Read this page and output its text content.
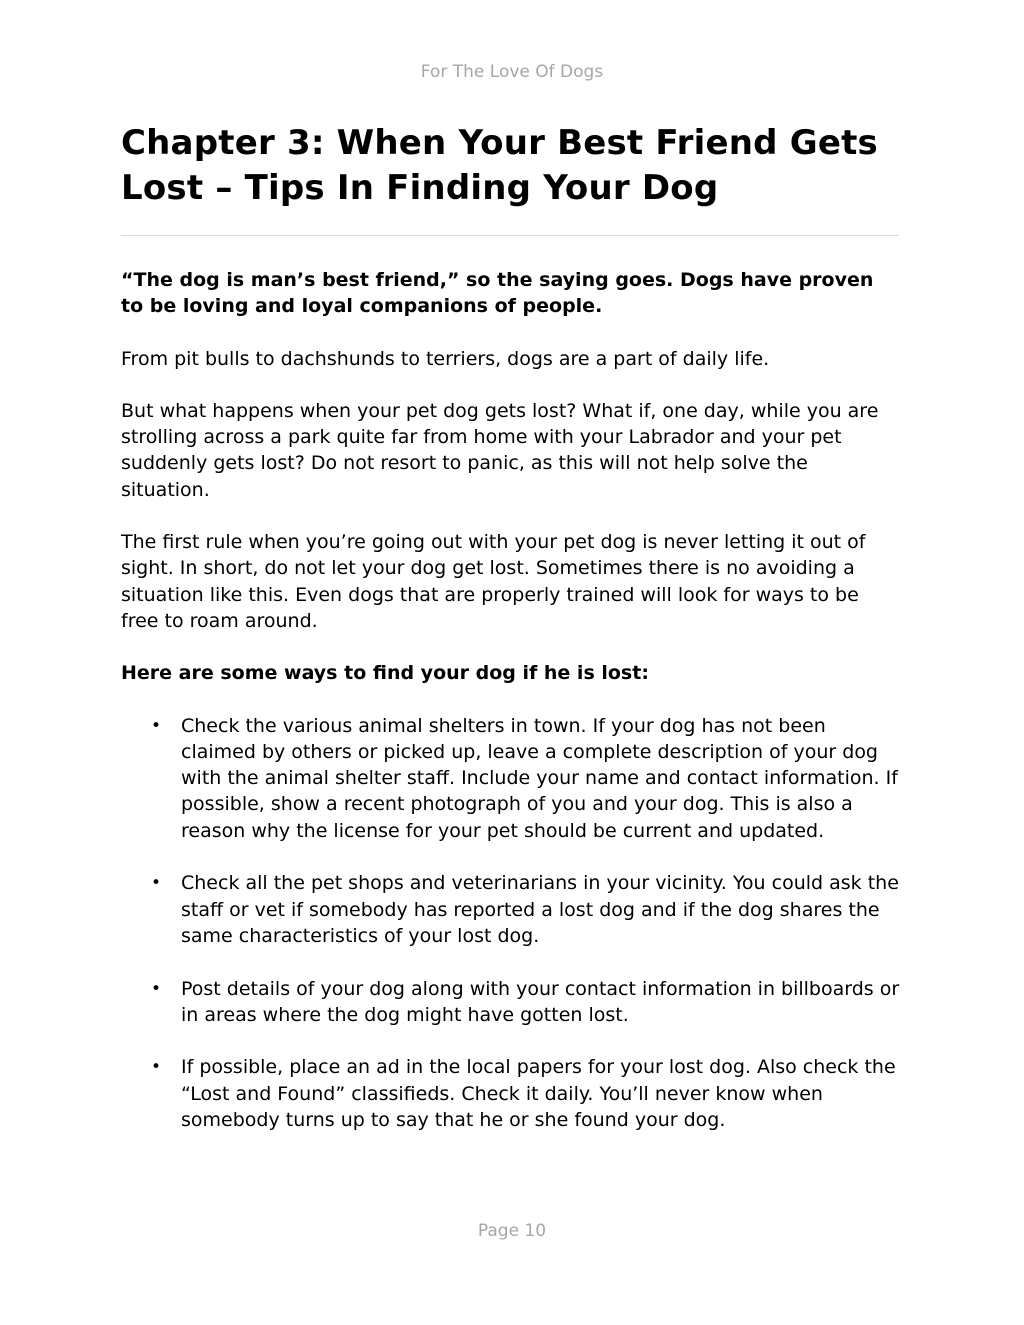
For The Love Of Dogs
Chapter 3: When Your Best Friend Gets Lost – Tips In Finding Your Dog

“The dog is man’s best friend,” so the saying goes. Dogs have proven to be loving and loyal companions of people.

From pit bulls to dachshunds to terriers, dogs are a part of daily life.

But what happens when your pet dog gets lost? What if, one day, while you are strolling across a park quite far from home with your Labrador and your pet suddenly gets lost? Do not resort to panic, as this will not help solve the situation.

The first rule when you’re going out with your pet dog is never letting it out of sight. In short, do not let your dog get lost. Sometimes there is no avoiding a situation like this. Even dogs that are properly trained will look for ways to be free to roam around.

Here are some ways to find your dog if he is lost:

• Check the various animal shelters in town. If your dog has not been claimed by others or picked up, leave a complete description of your dog with the animal shelter staff. Include your name and contact information. If possible, show a recent photograph of you and your dog. This is also a reason why the license for your pet should be current and updated.
• Check all the pet shops and veterinarians in your vicinity. You could ask the staff or vet if somebody has reported a lost dog and if the dog shares the same characteristics of your lost dog.
• Post details of your dog along with your contact information in billboards or in areas where the dog might have gotten lost.
• If possible, place an ad in the local papers for your lost dog. Also check the “Lost and Found” classifieds. Check it daily. You’ll never know when somebody turns up to say that he or she found your dog.
Page 10
